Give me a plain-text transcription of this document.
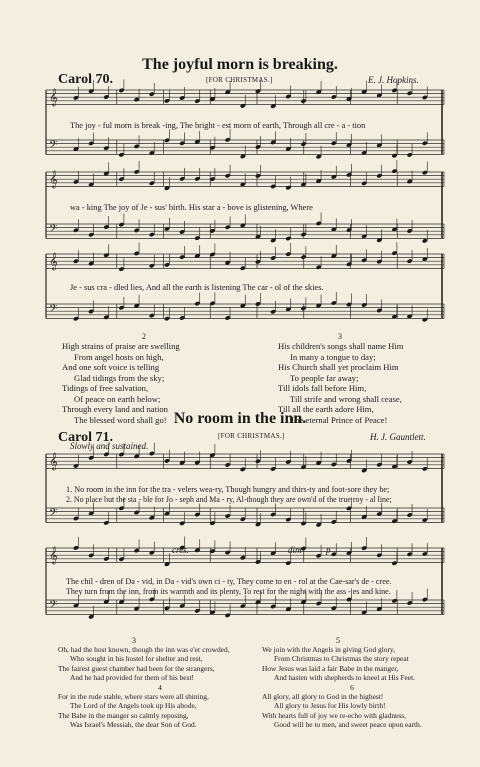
𝄞
𝄢
𝄞
𝄢
𝄞
𝄢
𝄞
𝄢
𝄞
𝄢
The joyful morn is breaking.
Carol 70.	[FOR CHRISTMAS.]	E. J. Hopkins.
The joy - ful morn is break -ing, The bright - est morn of earth, Through all cre - a - tion
wa - king The joy of Je - sus' birth. His star a - bove is glistening, Where
Je - sus cra - dled lies, And all the earth is listening The car - ol of the skies.
2	3
High strains of praise are swelling
From angel hosts on high,
And one soft voice is telling
Glad tidings from the sky;
Tidings of free salvation,
Of peace on earth below;
Through every land and nation
The blessed word shall go!
His children's songs shall name Him
In many a tongue to day;
His Church shall yet proclaim Him
To people far away;
Till idols fall before Him,
Till strife and wrong shall cease,
Till all the earth adore Him,
The eternal Prince of Peace!
No room in the inn.
Carol 71.	[FOR CHRISTMAS.]	H. J. Gauntlett.
Slowly and sustained.
1. No room in the inn for the tra - velers wea-ry, Though hungry and thirs-ty and foot-sore they be;
2. No place but the sta - ble for Jo - seph and Ma - ry, Al-though they are own'd of the true roy - al line;
cres.	dim	p
The chil - dren of Da - vid, in Da - vid's own ci - ty, They come to en - rol at the Cae-sar's de - cree.
They turn from the inn, from its warmth and its plenty, To rest for the night with the ass - es and kine.
3	5
Oh, had the host known, though the inn was e'er crowded,
Who sought in his hostel for shelter and rest,
The fairest guest chamber had been for the strangers,
And he had provided for them of his best!
4
For in the rude stable, where stars were all shining,
The Lord of the Angels took up His abode,
The Babe in the manger so calmly reposing,
Was Israel's Messiah, the dear Son of God.
We join with the Angels in giving God glory,
From Christmas to Christmas the story repeat
How Jesus was laid a fair Babe in the manger,
And hasten with shepherds to kneel at His Feet.
6
All glory, all glory to God in the highest!
All glory to Jesus for His lowly birth!
With hearts full of joy we re-echo with gladness,
Good will be to men, and sweet peace upon earth.
